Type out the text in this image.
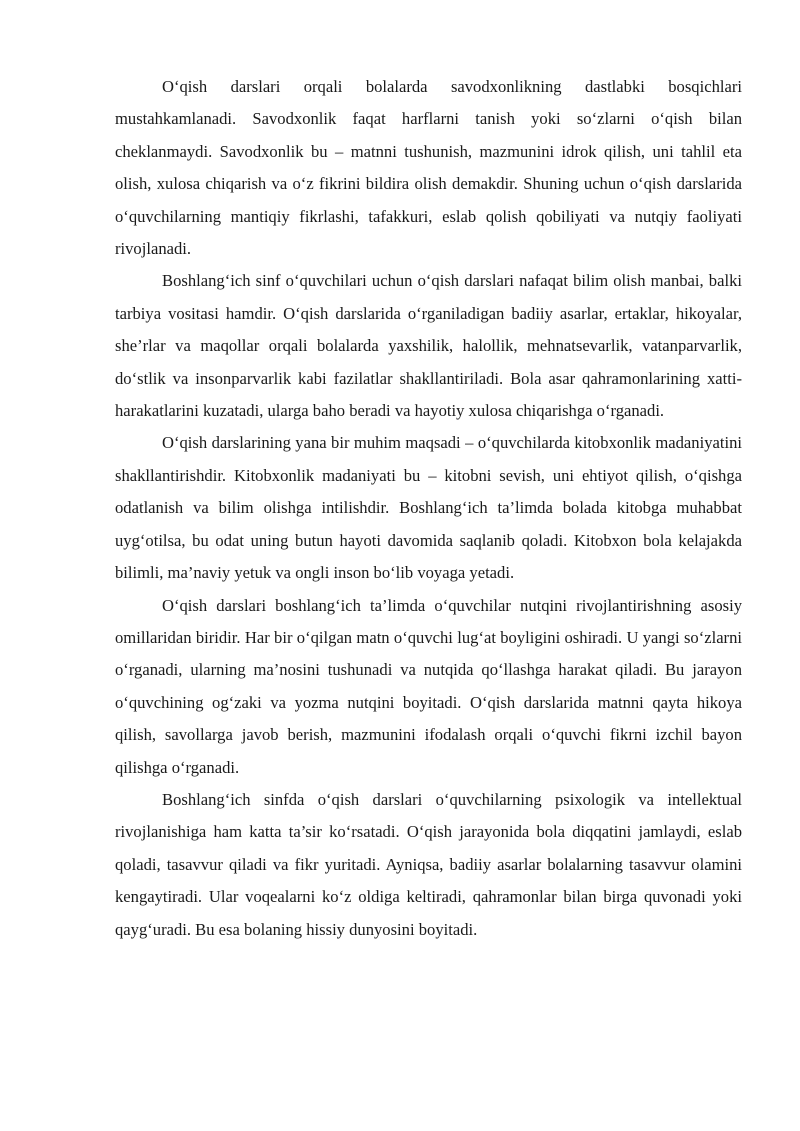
O‘qish darslari orqali bolalarda savodxonlikning dastlabki bosqichlari mustahkamlanadi. Savodxonlik faqat harflarni tanish yoki so‘zlarni o‘qish bilan cheklanmaydi. Savodxonlik bu – matnni tushunish, mazmunini idrok qilish, uni tahlil eta olish, xulosa chiqarish va o‘z fikrini bildira olish demakdir. Shuning uchun o‘qish darslarida o‘quvchilarning mantiqiy fikrlashi, tafakkuri, eslab qolish qobiliyati va nutqiy faoliyati rivojlanadi.

Boshlang‘ich sinf o‘quvchilari uchun o‘qish darslari nafaqat bilim olish manbai, balki tarbiya vositasi hamdir. O‘qish darslarida o‘rganiladigan badiiy asarlar, ertaklar, hikoyalar, she’rlar va maqollar orqali bolalarda yaxshilik, halollik, mehnatsevarlik, vatanparvarlik, do‘stlik va insonparvarlik kabi fazilatlar shakllantiriladi. Bola asar qahramonlarining xatti-harakatlarini kuzatadi, ularga baho beradi va hayotiy xulosa chiqarishga o‘rganadi.

O‘qish darslarining yana bir muhim maqsadi – o‘quvchilarda kitobxonlik madaniyatini shakllantirishdir. Kitobxonlik madaniyati bu – kitobni sevish, uni ehtiyot qilish, o‘qishga odatlanish va bilim olishga intilishdir. Boshlang‘ich ta’limda bolada kitobga muhabbat uyg‘otilsa, bu odat uning butun hayoti davomida saqlanib qoladi. Kitobxon bola kelajakda bilimli, ma’naviy yetuk va ongli inson bo‘lib voyaga yetadi.

O‘qish darslari boshlang‘ich ta’limda o‘quvchilar nutqini rivojlantirishning asosiy omillaridan biridir. Har bir o‘qilgan matn o‘quvchi lug‘at boyligini oshiradi. U yangi so‘zlarni o‘rganadi, ularning ma’nosini tushunadi va nutqida qo‘llashga harakat qiladi. Bu jarayon o‘quvchining og‘zaki va yozma nutqini boyitadi. O‘qish darslarida matnni qayta hikoya qilish, savollarga javob berish, mazmunini ifodalash orqali o‘quvchi fikrni izchil bayon qilishga o‘rganadi.

Boshlang‘ich sinfda o‘qish darslari o‘quvchilarning psixologik va intellektual rivojlanishiga ham katta ta’sir ko‘rsatadi. O‘qish jarayonida bola diqqatini jamlaydi, eslab qoladi, tasavvur qiladi va fikr yuritadi. Ayniqsa, badiiy asarlar bolalarning tasavvur olamini kengaytiradi. Ular voqealarni ko‘z oldiga keltiradi, qahramonlar bilan birga quvonadi yoki qayg‘uradi. Bu esa bolaning hissiy dunyosini boyitadi.
